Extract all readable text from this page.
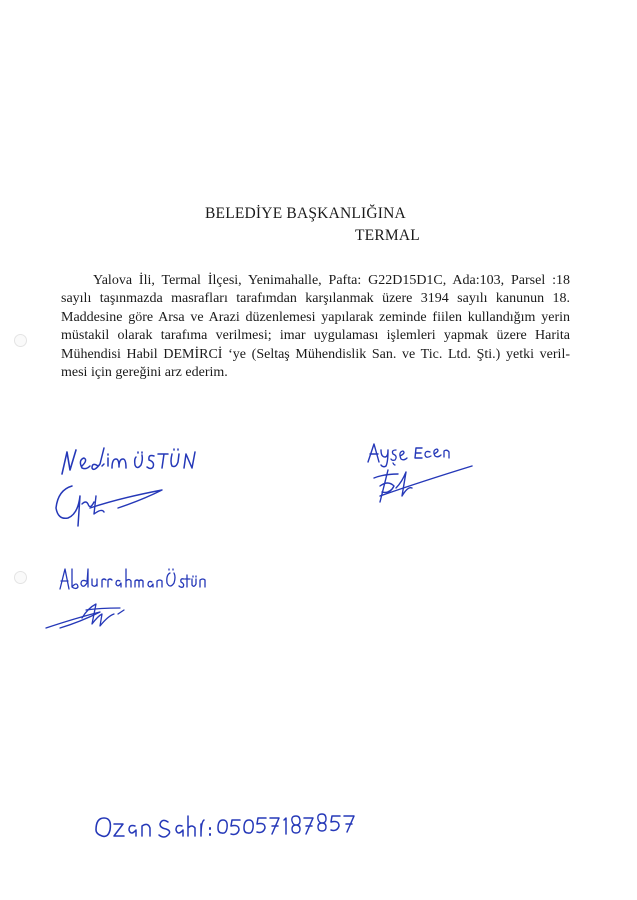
BELEDİYE BAŞKANLIĞINA
TERMAL
Yalova İli, Termal İlçesi, Yenimahalle, Pafta: G22D15D1C, Ada:103, Parsel :18
sayılı taşınmazda masrafları tarafımdan karşılanmak üzere 3194 sayılı kanunun 18.
Maddesine göre Arsa ve Arazi düzenlemesi yapılarak zeminde fiilen kullandığım yerin
müstakil olarak tarafıma verilmesi; imar uygulaması işlemleri yapmak üzere Harita
Mühendisi Habil DEMİRCİ ‘ye (Seltaş Mühendislik San. ve Tic. Ltd. Şti.) yetki veril-
mesi için gereğini arz ederim.
